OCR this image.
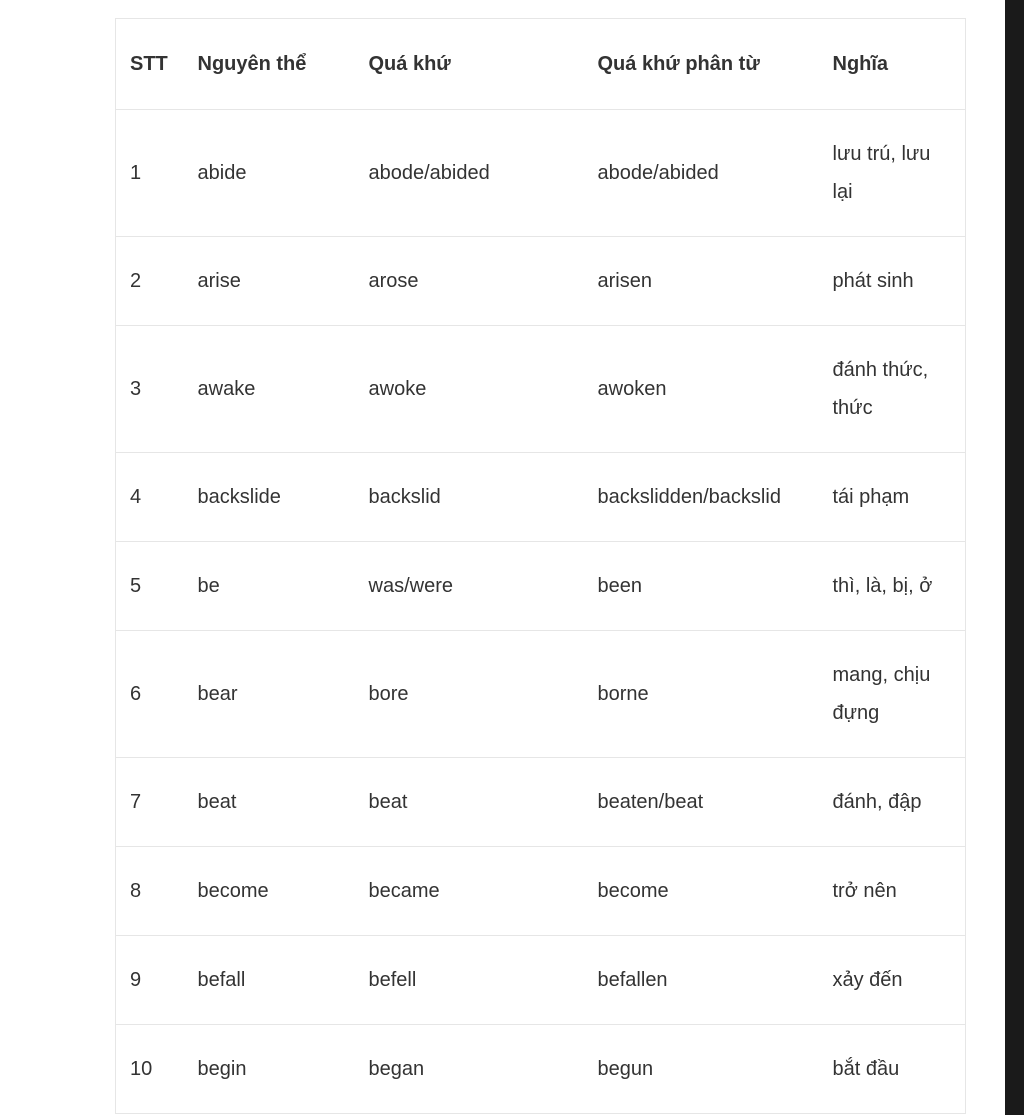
STT	Nguyên thể	Quá khứ	Quá khứ phân từ	Nghĩa
1	abide	abode/abided	abode/abided	lưu trú, lưu lại
2	arise	arose	arisen	phát sinh
3	awake	awoke	awoken	đánh thức, thức
4	backslide	backslid	backslidden/backslid	tái phạm
5	be	was/were	been	thì, là, bị, ở
6	bear	bore	borne	mang, chịu đựng
7	beat	beat	beaten/beat	đánh, đập
8	become	became	become	trở nên
9	befall	befell	befallen	xảy đến
10	begin	began	begun	bắt đầu
